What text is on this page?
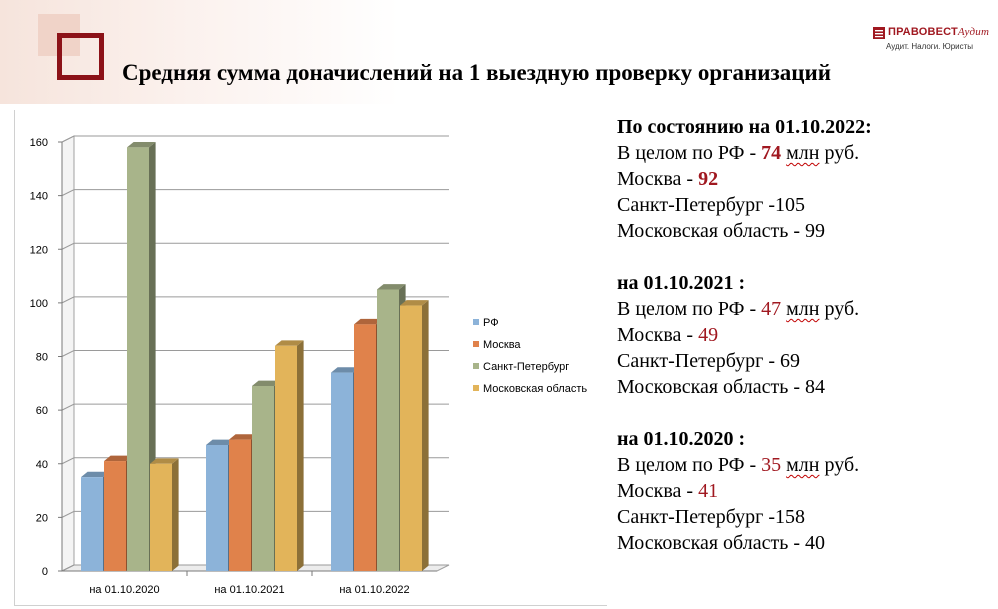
ПРАВОВЕСТАудит
Аудит. Налоги. Юристы
Средняя сумма доначислений на 1 выездную проверку организаций
0
20
40
60
80
100
120
140
160
на 01.10.2020	на 01.10.2021	на 01.10.2022
РФ
Москва
Санкт-Петербург
Московская область
По состоянию на 01.10.2022:
В целом по РФ - 74 млн руб.
Москва - 92
Санкт-Петербург -105
Московская область - 99
на 01.10.2021 :
В целом по РФ - 47 млн руб.
Москва - 49
Санкт-Петербург - 69
Московская область - 84
на 01.10.2020 :
В целом по РФ - 35 млн руб.
Москва - 41
Санкт-Петербург -158
Московская область - 40
